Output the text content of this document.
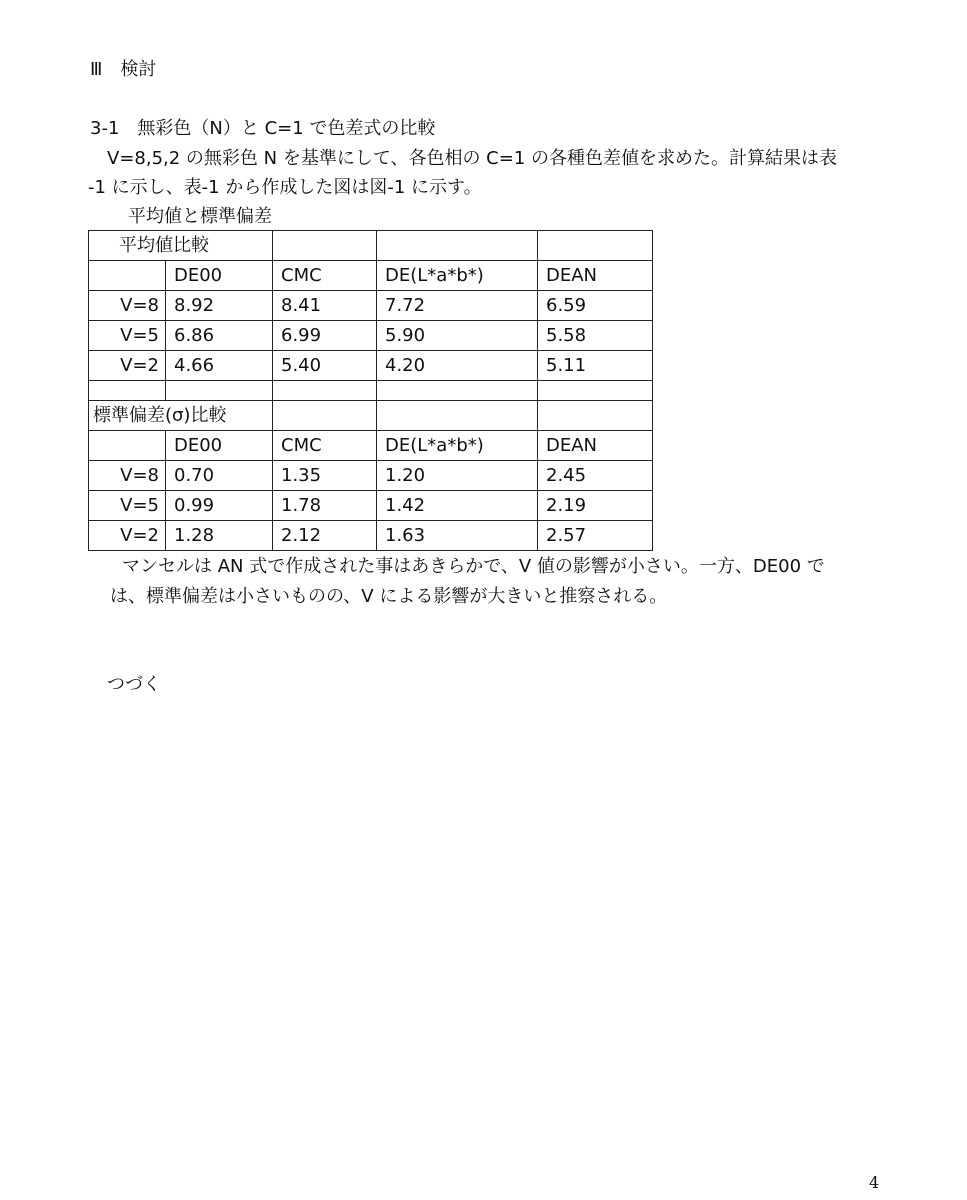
Ⅲ　検討
3-1　無彩色（N）と C=1 で色差式の比較
V=8,5,2 の無彩色 N を基準にして、各色相の C=1 の各種色差値を求めた。計算結果は表
-1 に示し、表-1 から作成した図は図-1 に示す。
平均値と標準偏差
平均値比較				
	DE00	CMC	DE(L*a*b*)	DEAN
V=8	8.92	8.41	7.72	6.59
V=5	6.86	6.99	5.90	5.58
V=2	4.66	5.40	4.20	5.11

標準偏差(σ)比較				
	DE00	CMC	DE(L*a*b*)	DEAN
V=8	0.70	1.35	1.20	2.45
V=5	0.99	1.78	1.42	2.19
V=2	1.28	2.12	1.63	2.57
マンセルは AN 式で作成された事はあきらかで、V 値の影響が小さい。一方、DE00 で
は、標準偏差は小さいものの、V による影響が大きいと推察される。
つづく
4
